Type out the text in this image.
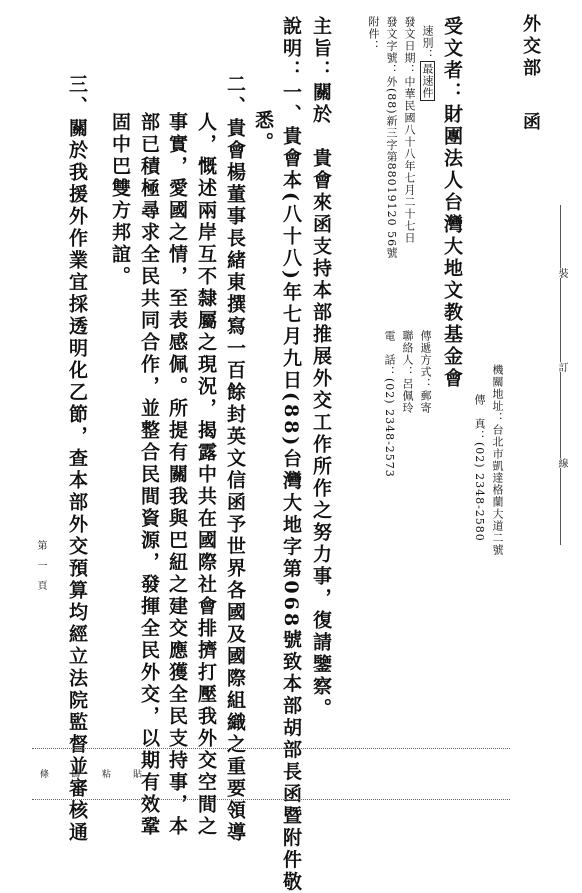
外交部
函
受文者：財團法人台灣大地文教基金會

速別：最速件

發文日期：中華民國八十八年七月二十七日
發文字號：外(88)新三字第88019120 56號
附件：
機關地址：台北市凱達格蘭大道二號
傳　真：(02) 2348-2580
傳遞方式：郵寄
聯絡人：呂佩玲
電　話：(02) 2348-2573
主旨：關於　貴會來函支持本部推展外交工作所作之努力事，復請鑒察。
說明：一、貴會本(八十八)年七月九日(88)台灣大地字第068號致本部胡部長函暨附件敬
悉。
二、貴會楊董事長緒東撰寫一百餘封英文信函予世界各國及國際組織之重要領導
人，慨述兩岸互不隸屬之現況，揭露中共在國際社會排擠打壓我外交空間之
事實，愛國之情，至表感佩。所提有關我與巴紐之建交應獲全民支持事，本
部已積極尋求全民共同合作，並整合民間資源，發揮全民外交，以期有效鞏
固中巴雙方邦誼。
三、關於我援外作業宜採透明化乙節，查本部外交預算均經立法院監督並審核通	裝
訂
線
第一頁
條碼粘貼
